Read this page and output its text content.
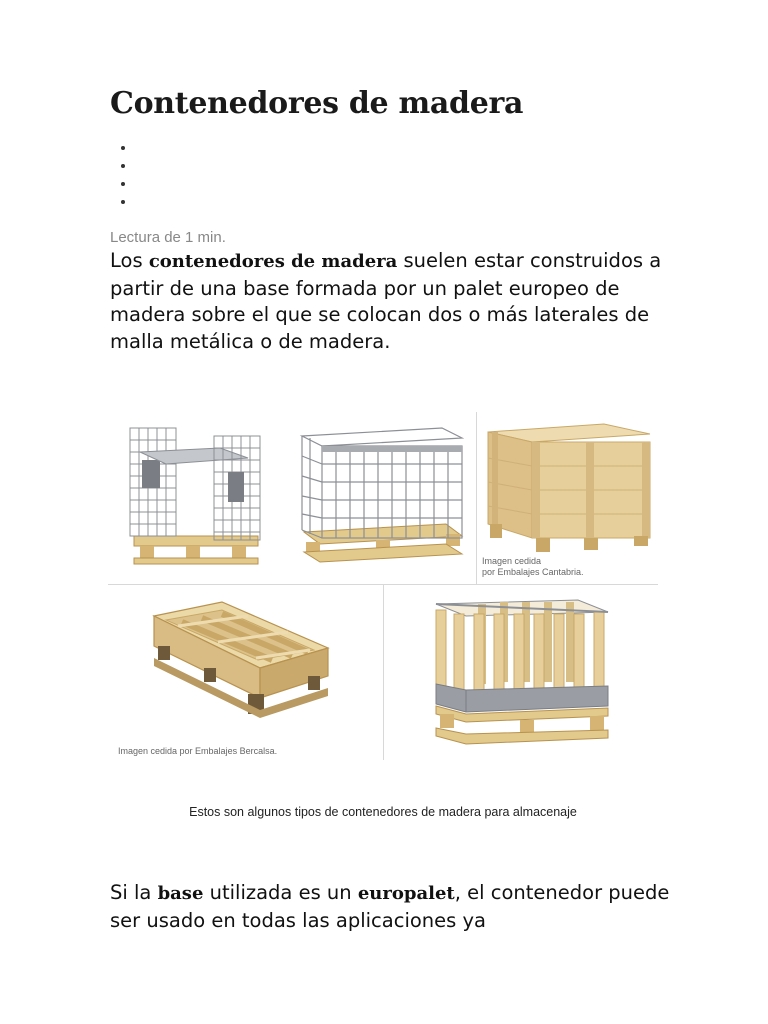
Contenedores de madera
Lectura de 1 min.

Los contenedores de madera suelen estar construidos a partir de una base formada por un palet europeo de madera sobre el que se colocan dos o más laterales de malla metálica o de madera.

Imagen cedida
por Embalajes Cantabria.
Imagen cedida por Embalajes Bercalsa.
Estos son algunos tipos de contenedores de madera para almacenaje

Si la base utilizada es un europalet, el contenedor puede ser usado en todas las aplicaciones ya
